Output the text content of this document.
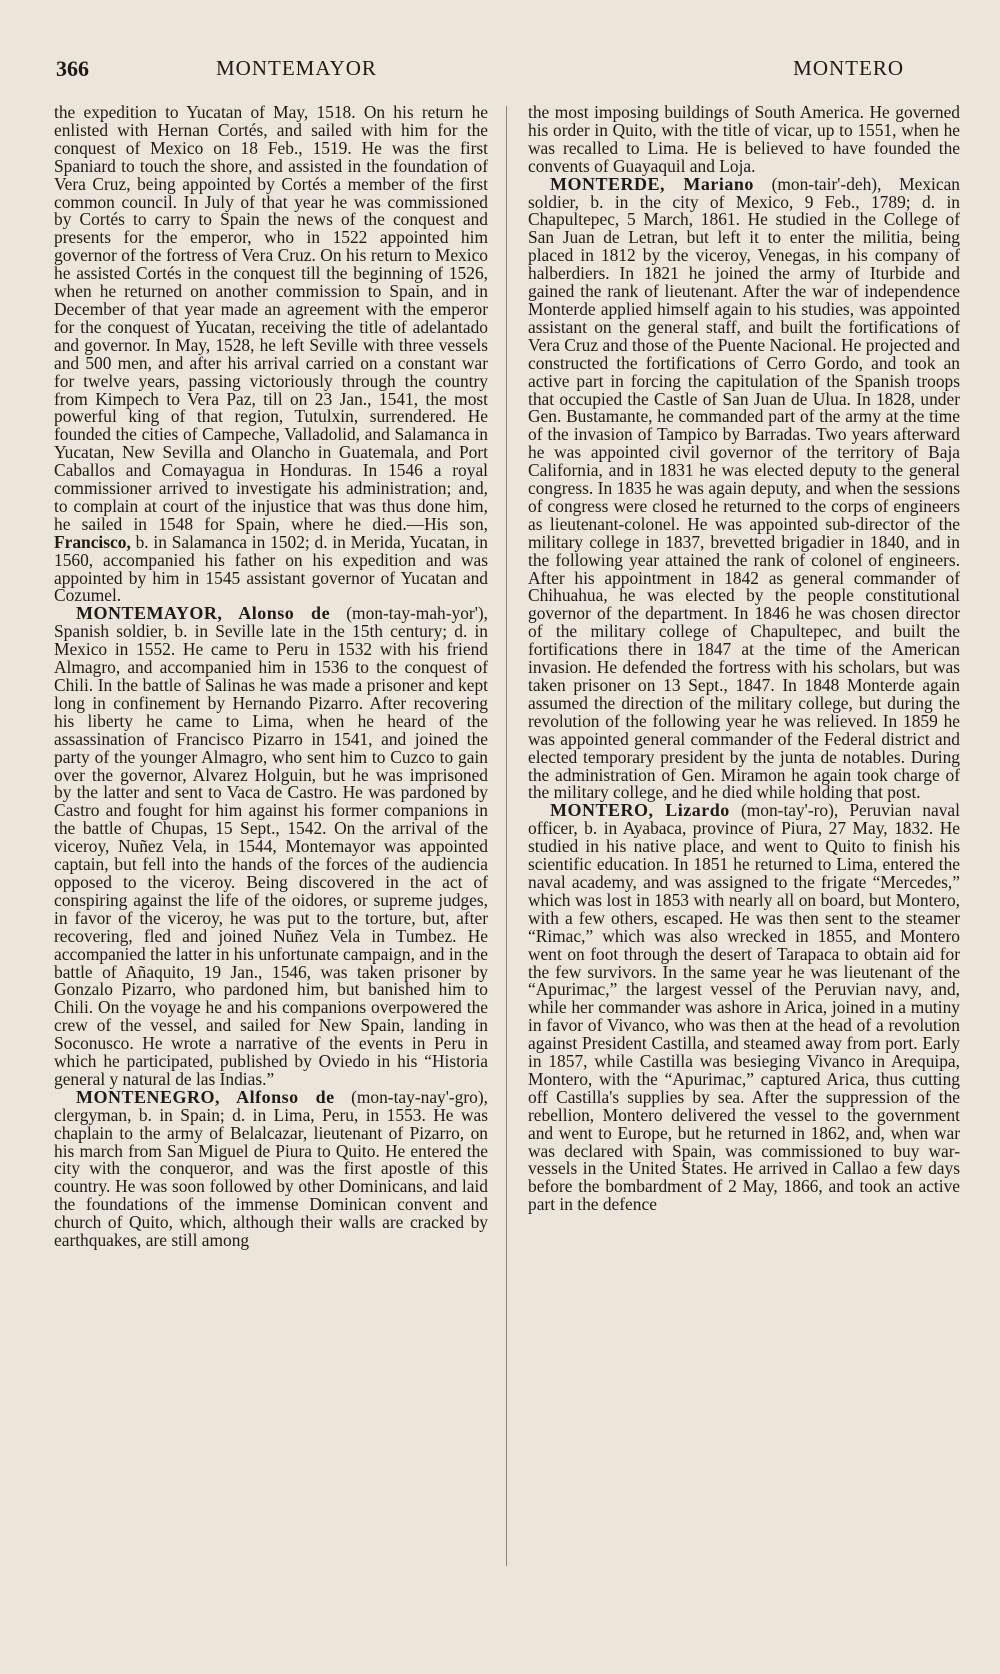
366	MONTEMAYOR	MONTERO

the expedition to Yucatan of May, 1518. On his return he enlisted with Hernan Cortés, and sailed with him for the conquest of Mexico on 18 Feb., 1519. He was the first Spaniard to touch the shore, and assisted in the foundation of Vera Cruz, being appointed by Cortés a member of the first common council. In July of that year he was commissioned by Cortés to carry to Spain the news of the conquest and presents for the emperor, who in 1522 appointed him governor of the fortress of Vera Cruz. On his return to Mexico he assisted Cortés in the conquest till the beginning of 1526, when he returned on another commission to Spain, and in December of that year made an agreement with the emperor for the conquest of Yucatan, receiving the title of adelantado and governor. In May, 1528, he left Seville with three vessels and 500 men, and after his arrival carried on a constant war for twelve years, passing victoriously through the country from Kimpech to Vera Paz, till on 23 Jan., 1541, the most powerful king of that region, Tutulxin, surrendered. He founded the cities of Campeche, Valladolid, and Salamanca in Yucatan, New Sevilla and Olancho in Guatemala, and Port Caballos and Comayagua in Honduras. In 1546 a royal commissioner arrived to investigate his administration; and, to complain at court of the injustice that was thus done him, he sailed in 1548 for Spain, where he died.—His son, Francisco, b. in Salamanca in 1502; d. in Merida, Yucatan, in 1560, accompanied his father on his expedition and was appointed by him in 1545 assistant governor of Yucatan and Cozumel.

MONTEMAYOR, Alonso de (mon-tay-mah-yor'), Spanish soldier, b. in Seville late in the 15th century; d. in Mexico in 1552. He came to Peru in 1532 with his friend Almagro, and accompanied him in 1536 to the conquest of Chili. In the battle of Salinas he was made a prisoner and kept long in confinement by Hernando Pizarro. After recovering his liberty he came to Lima, when he heard of the assassination of Francisco Pizarro in 1541, and joined the party of the younger Almagro, who sent him to Cuzco to gain over the governor, Alvarez Holguin, but he was imprisoned by the latter and sent to Vaca de Castro. He was pardoned by Castro and fought for him against his former companions in the battle of Chupas, 15 Sept., 1542. On the arrival of the viceroy, Nuñez Vela, in 1544, Montemayor was appointed captain, but fell into the hands of the forces of the audiencia opposed to the viceroy. Being discovered in the act of conspiring against the life of the oidores, or supreme judges, in favor of the viceroy, he was put to the torture, but, after recovering, fled and joined Nuñez Vela in Tumbez. He accompanied the latter in his unfortunate campaign, and in the battle of Añaquito, 19 Jan., 1546, was taken prisoner by Gonzalo Pizarro, who pardoned him, but banished him to Chili. On the voyage he and his companions overpowered the crew of the vessel, and sailed for New Spain, landing in Soconusco. He wrote a narrative of the events in Peru in which he participated, published by Oviedo in his “Historia general y natural de las Indias.”

MONTENEGRO, Alfonso de (mon-tay-nay'-gro), clergyman, b. in Spain; d. in Lima, Peru, in 1553. He was chaplain to the army of Belalcazar, lieutenant of Pizarro, on his march from San Miguel de Piura to Quito. He entered the city with the conqueror, and was the first apostle of this country. He was soon followed by other Dominicans, and laid the foundations of the immense Dominican convent and church of Quito, which, although their walls are cracked by earthquakes, are still among

the most imposing buildings of South America. He governed his order in Quito, with the title of vicar, up to 1551, when he was recalled to Lima. He is believed to have founded the convents of Guayaquil and Loja.

MONTERDE, Mariano (mon-tair'-deh), Mexican soldier, b. in the city of Mexico, 9 Feb., 1789; d. in Chapultepec, 5 March, 1861. He studied in the College of San Juan de Letran, but left it to enter the militia, being placed in 1812 by the viceroy, Venegas, in his company of halberdiers. In 1821 he joined the army of Iturbide and gained the rank of lieutenant. After the war of independence Monterde applied himself again to his studies, was appointed assistant on the general staff, and built the fortifications of Vera Cruz and those of the Puente Nacional. He projected and constructed the fortifications of Cerro Gordo, and took an active part in forcing the capitulation of the Spanish troops that occupied the Castle of San Juan de Ulua. In 1828, under Gen. Bustamante, he commanded part of the army at the time of the invasion of Tampico by Barradas. Two years afterward he was appointed civil governor of the territory of Baja California, and in 1831 he was elected deputy to the general congress. In 1835 he was again deputy, and when the sessions of congress were closed he returned to the corps of engineers as lieutenant-colonel. He was appointed sub-director of the military college in 1837, brevetted brigadier in 1840, and in the following year attained the rank of colonel of engineers. After his appointment in 1842 as general commander of Chihuahua, he was elected by the people constitutional governor of the department. In 1846 he was chosen director of the military college of Chapultepec, and built the fortifications there in 1847 at the time of the American invasion. He defended the fortress with his scholars, but was taken prisoner on 13 Sept., 1847. In 1848 Monterde again assumed the direction of the military college, but during the revolution of the following year he was relieved. In 1859 he was appointed general commander of the Federal district and elected temporary president by the junta de notables. During the administration of Gen. Miramon he again took charge of the military college, and he died while holding that post.

MONTERO, Lizardo (mon-tay'-ro), Peruvian naval officer, b. in Ayabaca, province of Piura, 27 May, 1832. He studied in his native place, and went to Quito to finish his scientific education. In 1851 he returned to Lima, entered the naval academy, and was assigned to the frigate “Mercedes,” which was lost in 1853 with nearly all on board, but Montero, with a few others, escaped. He was then sent to the steamer “Rimac,” which was also wrecked in 1855, and Montero went on foot through the desert of Tarapaca to obtain aid for the few survivors. In the same year he was lieutenant of the “Apurimac,” the largest vessel of the Peruvian navy, and, while her commander was ashore in Arica, joined in a mutiny in favor of Vivanco, who was then at the head of a revolution against President Castilla, and steamed away from port. Early in 1857, while Castilla was besieging Vivanco in Arequipa, Montero, with the “Apurimac,” captured Arica, thus cutting off Castilla's supplies by sea. After the suppression of the rebellion, Montero delivered the vessel to the government and went to Europe, but he returned in 1862, and, when war was declared with Spain, was commissioned to buy war-vessels in the United States. He arrived in Callao a few days before the bombardment of 2 May, 1866, and took an active part in the defence
